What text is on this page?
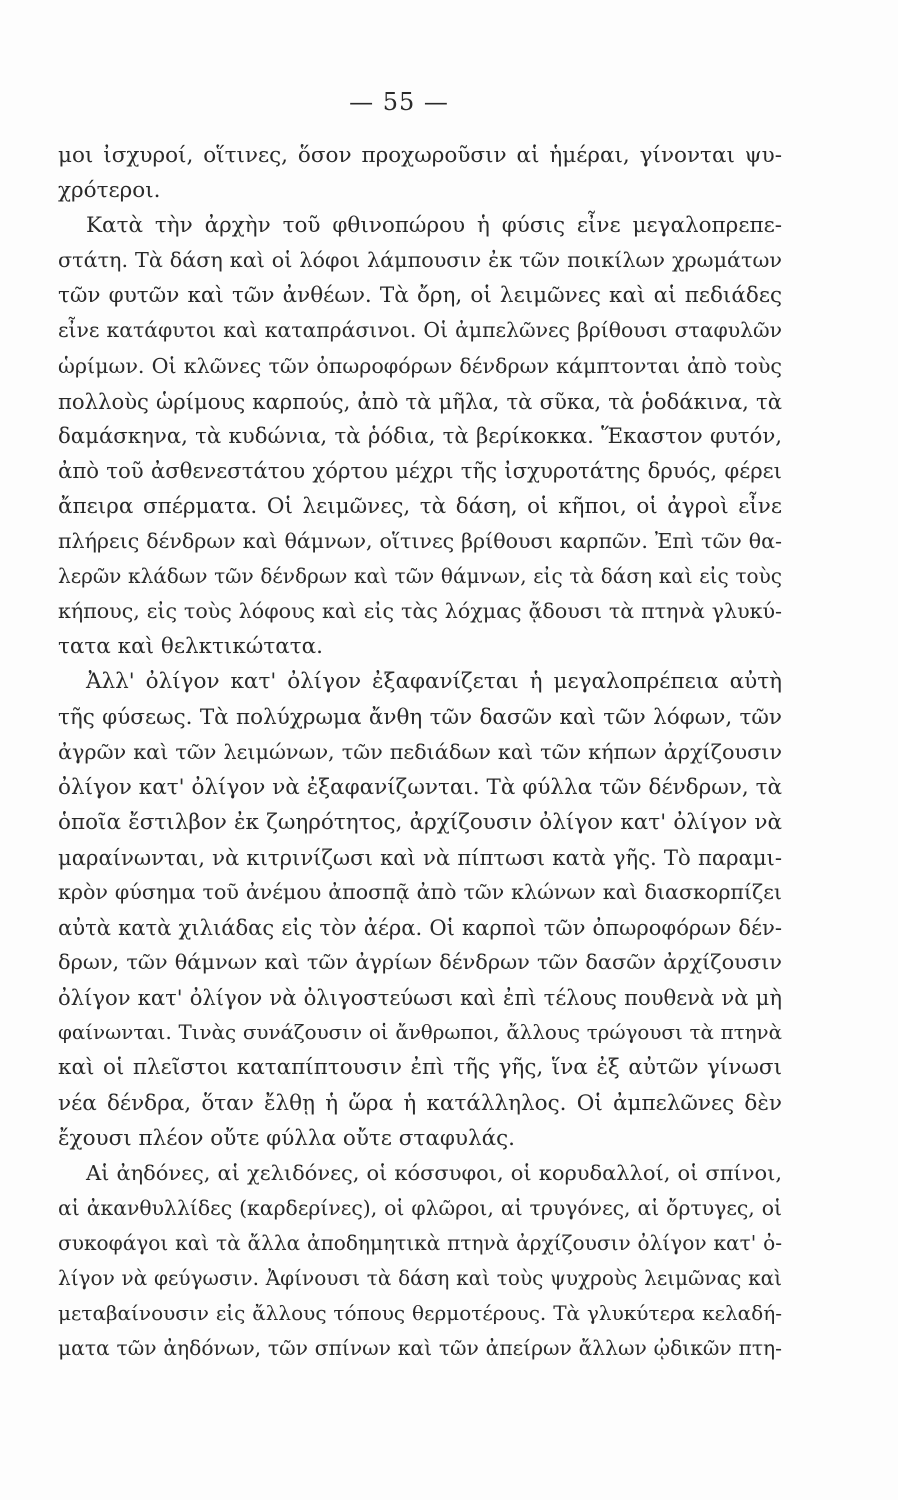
— 55 —
μοι ἰσχυροί, οἵτινες, ὅσον προχωροῦσιν αἱ ἡμέραι, γίνονται ψυ-
χρότεροι.
Κατὰ τὴν ἀρχὴν τοῦ φθινοπώρου ἡ φύσις εἶνε μεγαλοπρεπε-
στάτη. Τὰ δάση καὶ οἱ λόφοι λάμπουσιν ἐκ τῶν ποικίλων χρωμάτων
τῶν φυτῶν καὶ τῶν ἀνθέων. Τὰ ὄρη, οἱ λειμῶνες καὶ αἱ πεδιάδες
εἶνε κατάφυτοι καὶ καταπράσινοι. Οἱ ἀμπελῶνες βρίθουσι σταφυλῶν
ὡρίμων. Οἱ κλῶνες τῶν ὀπωροφόρων δένδρων κάμπτονται ἀπὸ τοὺς
πολλοὺς ὡρίμους καρπούς, ἀπὸ τὰ μῆλα, τὰ σῦκα, τὰ ῥοδάκινα, τὰ
δαμάσκηνα, τὰ κυδώνια, τὰ ῥόδια, τὰ βερίκοκκα. Ἕκαστον φυτόν,
ἀπὸ τοῦ ἀσθενεστάτου χόρτου μέχρι τῆς ἰσχυροτάτης δρυός, φέρει
ἄπειρα σπέρματα. Οἱ λειμῶνες, τὰ δάση, οἱ κῆποι, οἱ ἀγροὶ εἶνε
πλήρεις δένδρων καὶ θάμνων, οἵτινες βρίθουσι καρπῶν. Ἐπὶ τῶν θα-
λερῶν κλάδων τῶν δένδρων καὶ τῶν θάμνων, εἰς τὰ δάση καὶ εἰς τοὺς
κήπους, εἰς τοὺς λόφους καὶ εἰς τὰς λόχμας ᾄδουσι τὰ πτηνὰ γλυκύ-
τατα καὶ θελκτικώτατα.
Ἀλλ' ὀλίγον κατ' ὀλίγον ἐξαφανίζεται ἡ μεγαλοπρέπεια αὐτὴ
τῆς φύσεως. Τὰ πολύχρωμα ἄνθη τῶν δασῶν καὶ τῶν λόφων, τῶν
ἀγρῶν καὶ τῶν λειμώνων, τῶν πεδιάδων καὶ τῶν κήπων ἀρχίζουσιν
ὀλίγον κατ' ὀλίγον νὰ ἐξαφανίζωνται. Τὰ φύλλα τῶν δένδρων, τὰ
ὁποῖα ἔστιλβον ἐκ ζωηρότητος, ἀρχίζουσιν ὀλίγον κατ' ὀλίγον νὰ
μαραίνωνται, νὰ κιτρινίζωσι καὶ νὰ πίπτωσι κατὰ γῆς. Τὸ παραμι-
κρὸν φύσημα τοῦ ἀνέμου ἀποσπᾷ ἀπὸ τῶν κλώνων καὶ διασκορπίζει
αὐτὰ κατὰ χιλιάδας εἰς τὸν ἀέρα. Οἱ καρποὶ τῶν ὀπωροφόρων δέν-
δρων, τῶν θάμνων καὶ τῶν ἀγρίων δένδρων τῶν δασῶν ἀρχίζουσιν
ὀλίγον κατ' ὀλίγον νὰ ὀλιγοστεύωσι καὶ ἐπὶ τέλους πουθενὰ νὰ μὴ
φαίνωνται. Τινὰς συνάζουσιν οἱ ἄνθρωποι, ἄλλους τρώγουσι τὰ πτηνὰ
καὶ οἱ πλεῖστοι καταπίπτουσιν ἐπὶ τῆς γῆς, ἵνα ἐξ αὐτῶν γίνωσι
νέα δένδρα, ὅταν ἔλθῃ ἡ ὥρα ἡ κατάλληλος. Οἱ ἀμπελῶνες δὲν
ἔχουσι πλέον οὔτε φύλλα οὔτε σταφυλάς.
Αἱ ἀηδόνες, αἱ χελιδόνες, οἱ κόσσυφοι, οἱ κορυδαλλοί, οἱ σπίνοι,
αἱ ἀκανθυλλίδες (καρδερίνες), οἱ φλῶροι, αἱ τρυγόνες, αἱ ὄρτυγες, οἱ
συκοφάγοι καὶ τὰ ἄλλα ἀποδημητικὰ πτηνὰ ἀρχίζουσιν ὀλίγον κατ' ὀ-
λίγον νὰ φεύγωσιν. Ἀφίνουσι τὰ δάση καὶ τοὺς ψυχροὺς λειμῶνας καὶ
μεταβαίνουσιν εἰς ἄλλους τόπους θερμοτέρους. Τὰ γλυκύτερα κελαδή-
ματα τῶν ἀηδόνων, τῶν σπίνων καὶ τῶν ἀπείρων ἄλλων ᾠδικῶν πτη-
